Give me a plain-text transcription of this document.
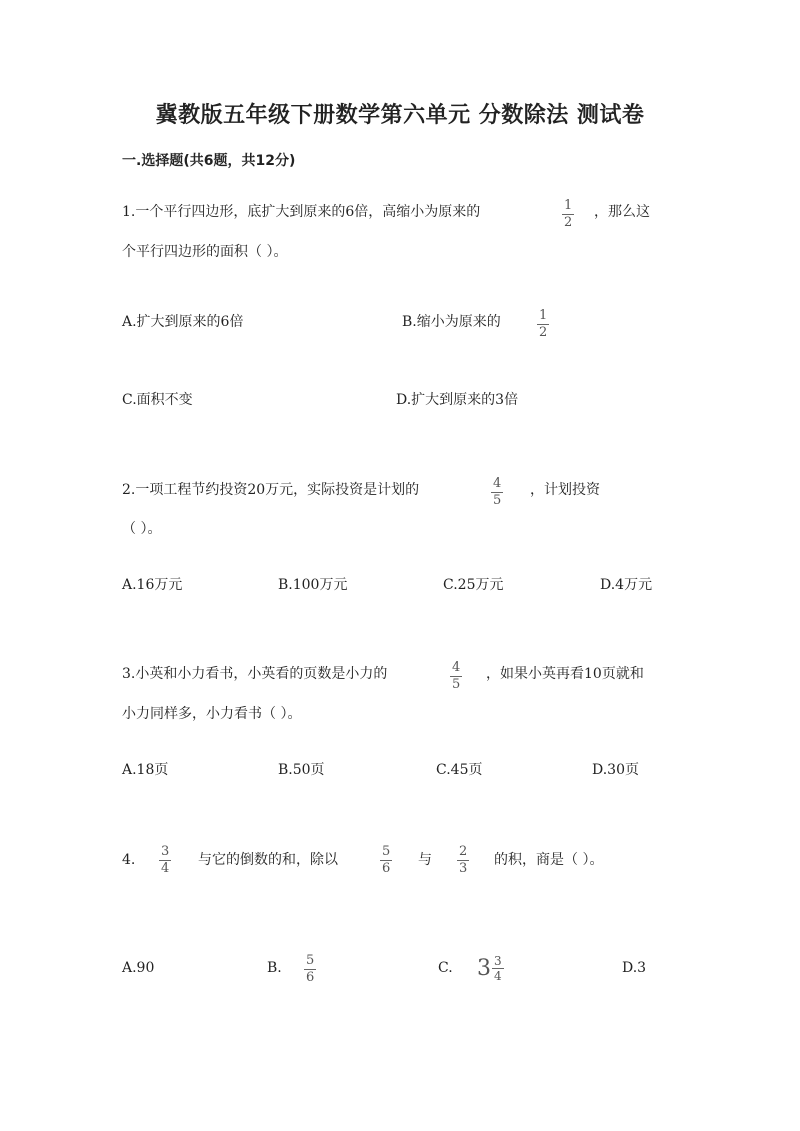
冀教版五年级下册数学第六单元 分数除法 测试卷
一.选择题(共6题，共12分)
1.一个平行四边形，底扩大到原来的6倍，高缩小为原来的	1
2
，那么这
个平行四边形的面积（ ）。
A.扩大到原来的6倍	B.缩小为原来的	1
2
C.面积不变	D.扩大到原来的3倍
2.一项工程节约投资20万元，实际投资是计划的	4
5
，计划投资
（ ）。
A.16万元	B.100万元	C.25万元	D.4万元
3.小英和小力看书，小英看的页数是小力的	4
5
，如果小英再看10页就和
小力同样多，小力看书（ ）。
A.18页	B.50页	C.45页	D.30页
4.
3
4
与它的倒数的和，除以
5
6
与
2
3
的积，商是（ ）。
A.90	B. 5
6
C. $3 \frac{3}{4}$	D.3
